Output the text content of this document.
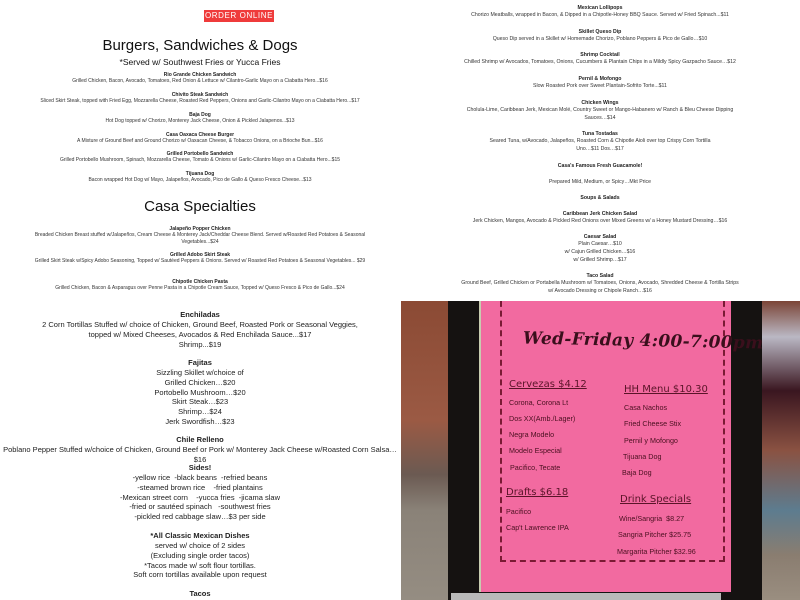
ORDER ONLINE
Burgers, Sandwiches & Dogs
*Served w/ Southwest Fries or Yucca Fries
Rio Grande Chicken Sandwich
Grilled Chicken, Bacon, Avocado, Tomatoes, Red Onion & Lettuce w/ Cilantro-Garlic Mayo on a Ciabatta Hero...$16
Chivito Steak Sandwich
Sliced Skirt Steak, topped with Fried Egg, Mozzarella Cheese, Roasted Red Peppers, Onions and Garlic-Cilantro Mayo on a Ciabatta Hero...$17
Baja Dog
Hot Dog topped w/ Chorizo, Monterey Jack Cheese, Onion & Pickled Jalapenos...$13
Casa Oaxaca Cheese Burger
A Mixture of Ground Beef and Ground Chorizo w/ Oaxacan Cheese, & Tobacco Onions, on a Brioche Bun...$16
Grilled Portobello Sandwich
Grilled Portobello Mushroom, Spinach, Mozzarella Cheese, Tomato & Onions w/ Garlic-Cilantro Mayo on a Ciabatta Hero...$15
Tijuana Dog
Bacon wrapped Hot Dog w/ Mayo, Jalapeños, Avocado, Pico de Gallo & Queso Fresco Cheese...$13
Casa Specialties
Jalapeño Popper Chicken
Breaded Chicken Breast stuffed w/Jalapeños, Cream Cheese & Monterey Jack/Cheddar Cheese Blend. Served w/Roasted Red Potatoes & Seasonal Vegetables...$24
Grilled Adobo Skirt Steak
Grilled Skirt Steak w/Spicy Adobo Seasoning, Topped w/ Sautéed Peppers & Onions. Served w/ Roasted Red Potatoes & Seasonal Vegetables... $29
Chipotle Chicken Pasta
Grilled Chicken, Bacon & Asparagus over Penne Pasta in a Chipotle Cream Sauce, Topped w/ Queso Fresco & Pico de Gallo...$24
Enchiladas
2 Corn Tortillas Stuffed w/ choice of Chicken, Ground Beef, Roasted Pork or Seasonal Veggies,
topped w/ Mixed Cheeses, Avocados & Red Enchilada Sauce...$17
Shrimp...$19
Fajitas
Sizzling Skillet w/choice of
Grilled Chicken…$20
Portobello Mushroom…$20
Skirt Steak…$23
Shrimp…$24
Jerk Swordfish…$23
Chile Relleno
Poblano Pepper Stuffed w/choice of Chicken, Ground Beef or Pork w/ Monterey Jack Cheese w/Roasted Corn Salsa…$16
Sides!
-yellow rice  -black beans  -refried beans
-steamed brown rice    -fried plantains
-Mexican street corn    -yucca fries  -jicama slaw
-fried or sautéed spinach   -southwest fries
-pickled red cabbage slaw…$3 per side
*All Classic Mexican Dishes
served w/ choice of 2 sides
(Excluding single order tacos)
*Tacos made w/ soft flour tortillas.
Soft corn tortillas available upon request
Tacos
Mexican Lollipops
Chorizo Meatballs, wrapped in Bacon, & Dipped in a Chipotle-Honey BBQ Sauce. Served w/ Fried Spinach...$11
Skillet Queso Dip
Queso Dip served in a Skillet w/ Homemade Chorizo, Poblano Peppers & Pico de Gallo…$10
Shrimp Cocktail
Chilled Shrimp w/ Avocados, Tomatoes, Onions, Cucumbers & Plantain Chips in a Mildly Spicy Gazpacho Sauce…$12
Pernil & Mofongo
Slow Roasted Pork over Sweet Plantain-Sofrito Torte...$11
Chicken Wings
Cholula-Lime, Caribbean Jerk, Mexican Molé, Country Sweet or Mango-Habanero w/ Ranch & Bleu Cheese Dipping
Sauces…$14
Tuna Tostadas
Seared Tuna, w/Avocado, Jalapeños, Roasted Corn & Chipotle Aioli over top Crispy Corn Tortilla
Uno…$11 Dos…$17
Casa's Famous Fresh Guacamole!
Prepared Mild, Medium, or Spicy…Mkt Price
Soups & Salads
Caribbean Jerk Chicken Salad
Jerk Chicken, Mangos, Avocado & Pickled Red Onions over Mixed Greens w/ a Honey Mustard Dressing…$16
Caesar Salad
Plain Caesar…$10
w/ Cajun Grilled Chicken…$16
w/ Grilled Shrimp…$17
Taco Salad
Ground Beef, Grilled Chicken or Portabella Mushroom w/ Tomatoes, Onions, Avocado, Shredded Cheese & Tortilla Strips
w/ Avocado Dressing or Chipole Ranch…$16
Wed-Friday 4:00-7:00pm
Cervezas $4.12
Corona, Corona Lt
Dos XX(Amb./Lager)
Negra Modelo
Modelo Especial
Pacifico, Tecate
HH Menu $10.30
Casa Nachos
Fried Cheese Stix
Pernil y Mofongo
Tijuana Dog
Baja Dog
Drafts $6.18
Pacifico
Cap't Lawrence IPA
Drink Specials
Wine/Sangria  $8.27
Sangria Pitcher $25.75
Margarita Pitcher $32.96
